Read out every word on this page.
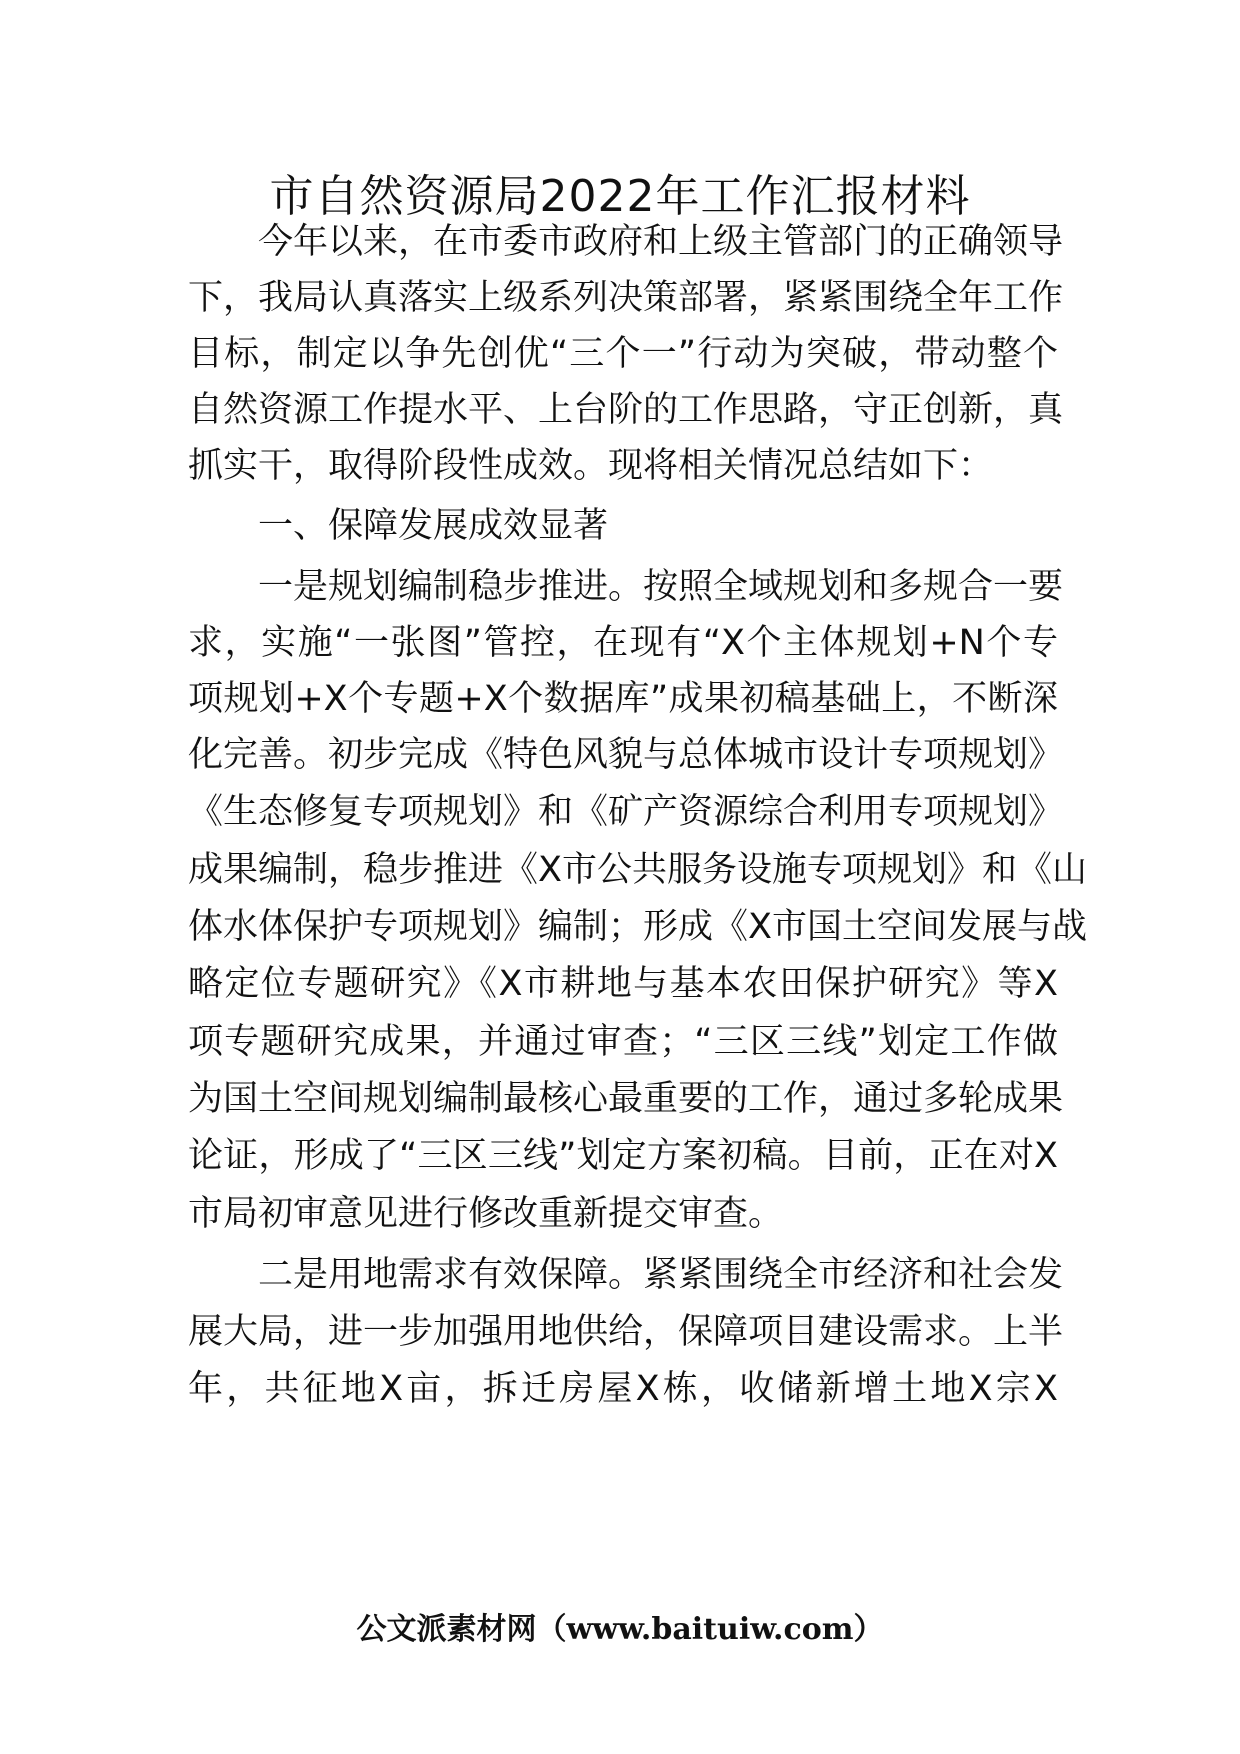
市自然资源局2022年工作汇报材料
今年以来，在市委市政府和上级主管部门的正确领导
下，我局认真落实上级系列决策部署，紧紧围绕全年工作
目标，制定以争先创优“三个一”行动为突破，带动整个
自然资源工作提水平、上台阶的工作思路，守正创新，真
抓实干，取得阶段性成效。现将相关情况总结如下：
一、保障发展成效显著
一是规划编制稳步推进。按照全域规划和多规合一要
求，实施“一张图”管控，在现有“X个主体规划+N个专
项规划+X个专题+X个数据库”成果初稿基础上，不断深
化完善。初步完成《特色风貌与总体城市设计专项规划》
《生态修复专项规划》和《矿产资源综合利用专项规划》
成果编制，稳步推进《X市公共服务设施专项规划》和《山
体水体保护专项规划》编制；形成《X市国土空间发展与战
略定位专题研究》《X市耕地与基本农田保护研究》等X
项专题研究成果，并通过审查；“三区三线”划定工作做
为国土空间规划编制最核心最重要的工作，通过多轮成果
论证，形成了“三区三线”划定方案初稿。目前，正在对X
市局初审意见进行修改重新提交审查。
二是用地需求有效保障。紧紧围绕全市经济和社会发
展大局，进一步加强用地供给，保障项目建设需求。上半
年，共征地X亩，拆迁房屋X栋，收储新增土地X宗X
公文派素材网（www.baituiw.com）
